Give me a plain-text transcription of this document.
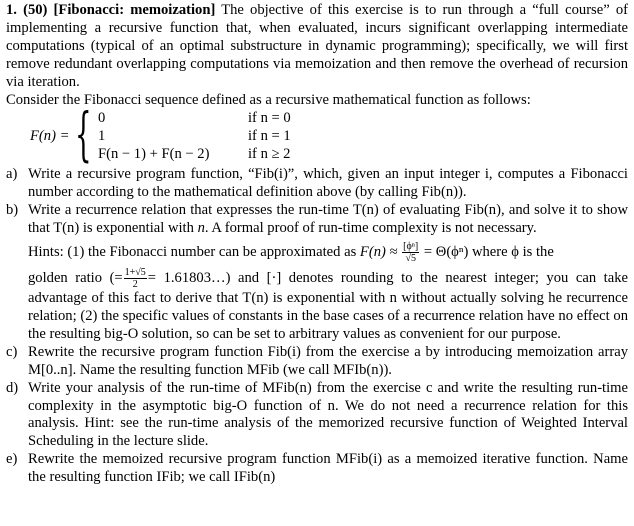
1. (50) [Fibonacci: memoization] The objective of this exercise is to run through a “full course” of implementing a recursive function that, when evaluated, incurs significant overlapping intermediate computations (typical of an optimal substructure in dynamic programming); specifically, we will first remove redundant overlapping computations via memoization and then remove the overhead of recursion via iteration.

Consider the Fibonacci sequence defined as a recursive mathematical function as follows:

F(n) = { 0	if n = 0
1	if n = 1
F(n − 1) + F(n − 2)	if n ≥ 2

a) Write a recursive program function, “Fib(i)”, which, given an input integer i, computes a Fibonacci number according to the mathematical definition above (by calling Fib(n)).

b) Write a recurrence relation that expresses the run-time T(n) of evaluating Fib(n), and solve it to show that T(n) is exponential with n. A formal proof of run-time complexity is not necessary.
Hints: (1) the Fibonacci number can be approximated as $F(n) \approx \frac{\text{[ϕⁿ]}}{√5} = \Theta(\phi^n)$ where ϕ is the
golden ratio (= $\frac{1+√5}{2}$ = 1.61803…) and [·] denotes rounding to the nearest integer; you can take advantage of this fact to derive that T(n) is exponential with n without actually solving he recurrence relation; (2) the specific values of constants in the base cases of a recurrence relation have no effect on the resulting big-O solution, so can be set to arbitrary values as convenient for our purpose.

c) Rewrite the recursive program function Fib(i) from the exercise a by introducing memoization array M[0..n]. Name the resulting function MFib (we call MFIb(n)).

d) Write your analysis of the run-time of MFib(n) from the exercise c and write the resulting run-time complexity in the asymptotic big-O function of n. We do not need a recurrence relation for this analysis. Hint: see the run-time analysis of the memorized recursive function of Weighted Interval Scheduling in the lecture slide.

e) Rewrite the memoized recursive program function MFib(i) as a memoized iterative function. Name the resulting function IFib; we call IFib(n)
